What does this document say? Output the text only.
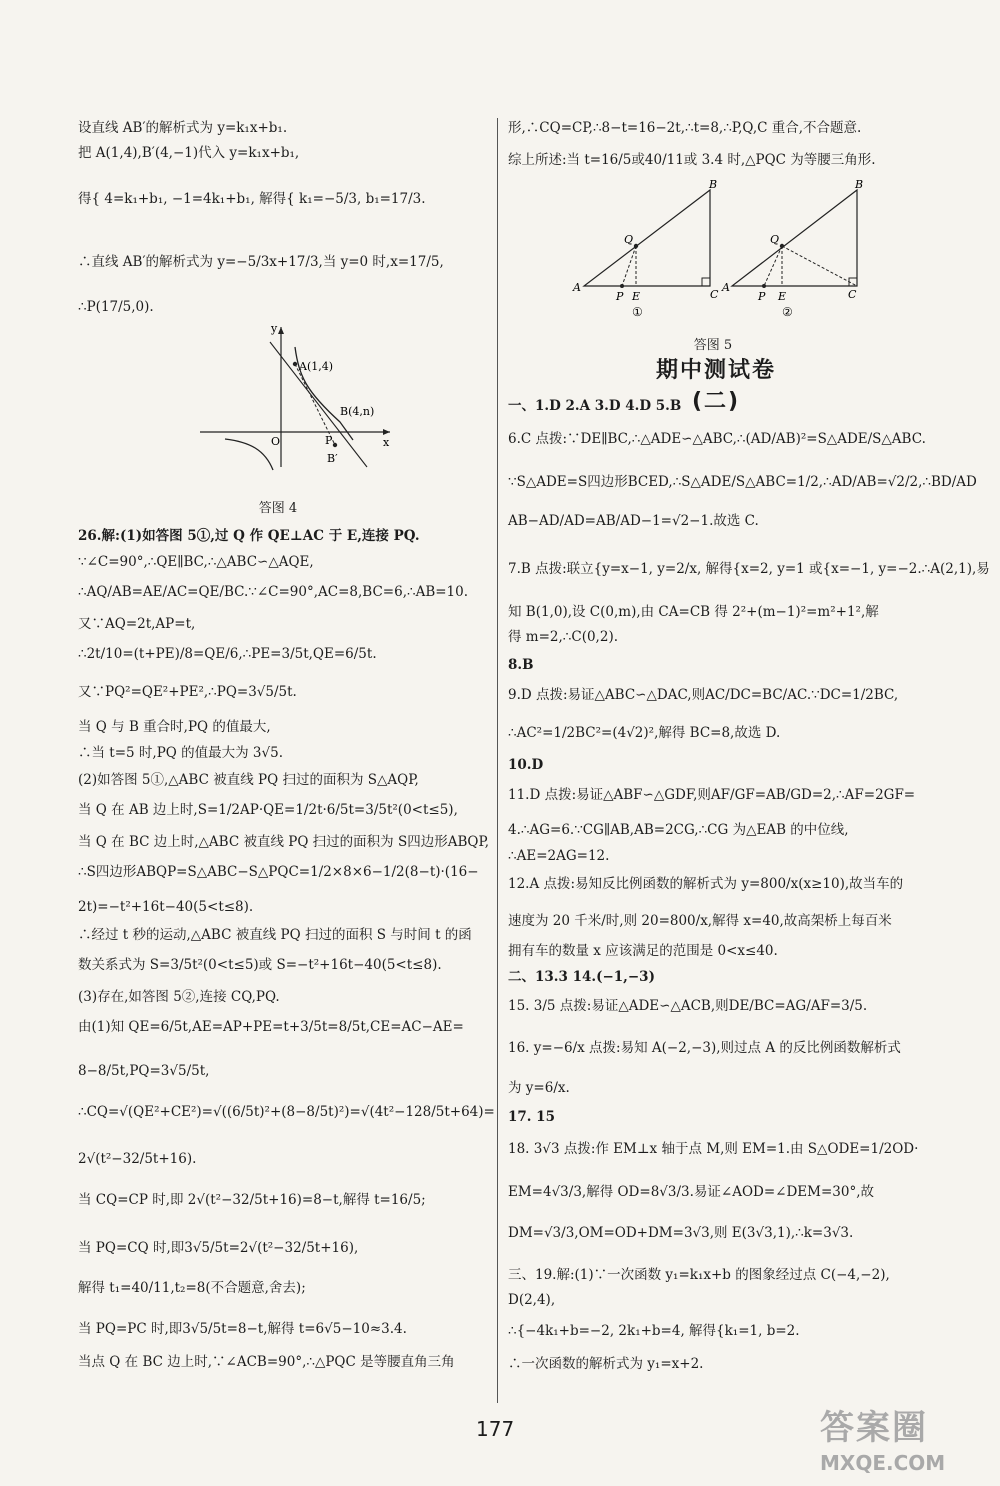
设直线 AB′的解析式为 y=k₁x+b₁.
把 A(1,4),B′(4,−1)代入 y=k₁x+b₁,
得{ 4=k₁+b₁, −1=4k₁+b₁, 解得{ k₁=−5/3, b₁=17/3.
∴直线 AB′的解析式为 y=−5/3x+17/3,当 y=0 时,x=17/5,
∴P(17/5,0).
26.解:(1)如答图 5①,过 Q 作 QE⊥AC 于 E,连接 PQ.
∵∠C=90°,∴QE∥BC,∴△ABC∽△AQE,
∴AQ/AB=AE/AC=QE/BC.∵∠C=90°,AC=8,BC=6,∴AB=10.
又∵AQ=2t,AP=t,
∴2t/10=(t+PE)/8=QE/6,∴PE=3/5t,QE=6/5t.
又∵PQ²=QE²+PE²,∴PQ=3√5/5t.
当 Q 与 B 重合时,PQ 的值最大,
∴当 t=5 时,PQ 的值最大为 3√5.
(2)如答图 5①,△ABC 被直线 PQ 扫过的面积为 S△AQP,
当 Q 在 AB 边上时,S=1/2AP·QE=1/2t·6/5t=3/5t²(0<t≤5),
当 Q 在 BC 边上时,△ABC 被直线 PQ 扫过的面积为 S四边形ABQP,
∴S四边形ABQP=S△ABC−S△PQC=1/2×8×6−1/2(8−t)·(16−
2t)=−t²+16t−40(5<t≤8).
∴经过 t 秒的运动,△ABC 被直线 PQ 扫过的面积 S 与时间 t 的函
数关系式为 S=3/5t²(0<t≤5)或 S=−t²+16t−40(5<t≤8).
(3)存在,如答图 5②,连接 CQ,PQ.
由(1)知 QE=6/5t,AE=AP+PE=t+3/5t=8/5t,CE=AC−AE=
8−8/5t,PQ=3√5/5t,
∴CQ=√(QE²+CE²)=√((6/5t)²+(8−8/5t)²)=√(4t²−128/5t+64)=
2√(t²−32/5t+16).
当 CQ=CP 时,即 2√(t²−32/5t+16)=8−t,解得 t=16/5;
当 PQ=CQ 时,即3√5/5t=2√(t²−32/5t+16),
解得 t₁=40/11,t₂=8(不合题意,舍去);
当 PQ=PC 时,即3√5/5t=8−t,解得 t=6√5−10≈3.4.
当点 Q 在 BC 边上时,∵∠ACB=90°,∴△PQC 是等腰直角三角
形,∴CQ=CP,∴8−t=16−2t,∴t=8,∴P,Q,C 重合,不合题意.
综上所述:当 t=16/5或40/11或 3.4 时,△PQC 为等腰三角形.
一、1.D 2.A 3.D 4.D 5.B
6.C 点拨:∵DE∥BC,∴△ADE∽△ABC,∴(AD/AB)²=S△ADE/S△ABC.
∵S△ADE=S四边形BCED,∴S△ADE/S△ABC=1/2,∴AD/AB=√2/2,∴BD/AD
AB−AD/AD=AB/AD−1=√2−1.故选 C.
7.B 点拨:联立{y=x−1, y=2/x, 解得{x=2, y=1 或{x=−1, y=−2.∴A(2,1),易
知 B(1,0),设 C(0,m),由 CA=CB 得 2²+(m−1)²=m²+1²,解
得 m=2,∴C(0,2).
8.B
9.D 点拨:易证△ABC∽△DAC,则AC/DC=BC/AC.∵DC=1/2BC,
∴AC²=1/2BC²=(4√2)²,解得 BC=8,故选 D.
10.D
11.D 点拨:易证△ABF∽△GDF,则AF/GF=AB/GD=2,∴AF=2GF=
4.∴AG=6.∵CG∥AB,AB=2CG,∴CG 为△EAB 的中位线,
∴AE=2AG=12.
12.A 点拨:易知反比例函数的解析式为 y=800/x(x≥10),故当车的
速度为 20 千米/时,则 20=800/x,解得 x=40,故高架桥上每百米
拥有车的数量 x 应该满足的范围是 0<x≤40.
二、13.3 14.(−1,−3)
15. 3/5 点拨:易证△ADE∽△ACB,则DE/BC=AG/AF=3/5.
16. y=−6/x 点拨:易知 A(−2,−3),则过点 A 的反比例函数解析式
为 y=6/x.
17. 15
18. 3√3 点拨:作 EM⊥x 轴于点 M,则 EM=1.由 S△ODE=1/2OD·
EM=4√3/3,解得 OD=8√3/3.易证∠AOD=∠DEM=30°,故
DM=√3/3,OM=OD+DM=3√3,则 E(3√3,1),∴k=3√3.
三、19.解:(1)∵一次函数 y₁=k₁x+b 的图象经过点 C(−4,−2),
D(2,4),
∴{−4k₁+b=−2, 2k₁+b=4, 解得{k₁=1, b=2.
∴一次函数的解析式为 y₁=x+2.
y
x
O
A(1,4)
B(4,n)
P
B′
答图 4
A
B
C
Q
P E
①
A
B
C
Q
P E
②
答图 5
期中测试卷(二)
177	答案圈
MXQE.COM
